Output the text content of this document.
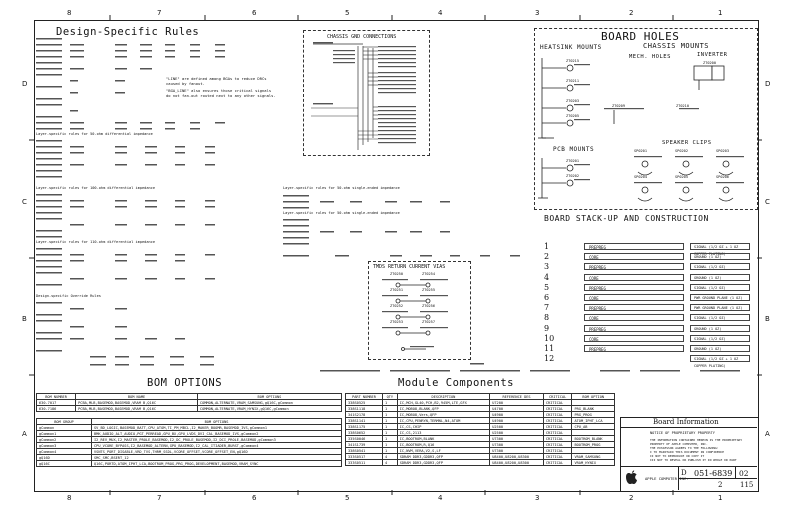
8	7	6	5	4	3	2	1
8	7	6	5	4	3	2	1
D
C
B
A
D
C
B
A
Design-Specific Rules
"LINE" are defined among BGAs to reduce DRCs caused by fanout.
"BGA_LINE" also ensures those critical signals do not fan-out routed next to any other signals.
Layer-specific rules for 50-ohm differential impedance
Layer-specific rules for 100-ohm differential impedance
Layer-specific rules for 110-ohm differential impedance
Layer-specific rules for 50-ohm single-ended impedance
Layer-specific rules for 50-ohm single-ended impedance
Design-specific Override Rules
CHASSIS GND CONNECTIONS
TMDS RETURN CURRENT VIAS
ZT0250	ZT0254
ZT0251	ZT0255
ZT0252	ZT0256
ZT0253	ZT0257
BOARD HOLES
HEATSINK MOUNTS	CHASSIS MOUNTS
INVERTER
MECH. HOLES
PCB MOUNTS
SPEAKER CLIPS
ZT0215
ZT0211
ZT0203
ZT0205
ZT0209	ZT0210
ZT0200
ZT0201
ZT0202
SP0201	SP0202	SP0203
SP0204	SP0205	SP0206
BOARD STACK-UP AND CONSTRUCTION
1	PREPREG	SIGNAL (1/2 OZ + 1 OZ COPPER PLATING)
2	CORE	GROUND (1 OZ)
3	PREPREG	SIGNAL (1/2 OZ)
4	CORE	GROUND (1 OZ)
5	PREPREG	SIGNAL (1/2 OZ)
6	CORE	PWR GROUND PLANE (1 OZ)
7	PREPREG	PWR GROUND PLANE (1 OZ)
8	CORE	SIGNAL (1/2 OZ)
9	PREPREG	GROUND (1 OZ)
10	CORE	SIGNAL (1/2 OZ)
11	PREPREG	GROUND (1 OZ)
12	SIGNAL (1/2 OZ + 1 OZ COPPER PLATING)
BOM OPTIONS
BOM NUMBER	BOM NAME	BOM OPTIONS
630-7017	PCBA,MLB,BASEMOD,BASEMOD,VRAM B,Q16C	COMMON,ALTERNATE,VRAM_SAMSUNG,gQ16C,gCommon
630-7186	PCBA,MLB,BASEMOD,BASEMOD,VRAM B,Q16C	COMMON,ALTERNATE,VRAM_HYNIX,gQ16C,gCommon
BOM GROUP	BOM OPTIONS
gCommon	SV_BD_LOGIC,BASEMOD_BATT,CPU_ATOM,TI_PM_MBCL,I2_MAKER_BOOMR,BASEMOD_IVS,gCommon1
gCommon1	BMK_AUDIO_ALT_AUDIO,PGT_PERREAD,GPU_BX,GPU_LVDS_DVI_CAL_BASEMOD_IVS,gCommon2
gCommon2	I2_REV_MUX,I2_MASTER_PROLE_BASEMOD,I2_DC_PROLE_BASEMOD,I2_DCI_PROLE,BASEMOD,gCommon3
gCommon3	CPU_VCORE_BYPASS,I2_BASEMOD_ALTERN,GPU_BASEMOD,I2_CAL_ITIADER,BURST,gCommon4
gCommon4	VSNTS_PORT_DISABLE,VRD_TVS,THRM_SSDL,VCORE_OFFSET,VCORE_OFFSET_EN,gQ16D
gQ16D	SMC_SMC,BSERT_12
gQ16C	Q16C,PORTD,ATOM_IPHT_LCA,BOOTROM_PROG,PRG_PROG,DEVELOPMENT,BASEMOD,VRAM_SYNC
Module Components
PART NUMBER	QTY	DESCRIPTION	REFERENCE DES	CRITICAL	BOM OPTION
338S0525	1	IC,MCH,GL40,PCH,B2,945M,LTE,GFX	U7200	CRITICAL	
338S1118	1	IC,MOBO8,BLANK,QFP	U4700	CRITICAL	PRG_BLANK
341S2178	1	IC,MOBO8,Vers,QFP	U4900	CRITICAL	PRG_PROG
338S1141	1	IC,CPU,PENRYN,TERMNL,N4,ATOM	U4900	CRITICAL	ATOM_IPHT_LCA
338S1175	1	IC,CS,CHIP	U2500	CRITICAL	CPU_AB
338S0652	1	IC,CS,2113	U2500	CRITICAL	
335S0046	1	IC,BOOTROM,BLANK	U7300	CRITICAL	BOOTROM_BLANK
341S1739	1	IC,BOOTROM,R,Q16	U7300	CRITICAL	BOOTROM_PROG
338S0541	1	IC,NVM,VERA,V2,S,LF	U7300	CRITICAL	
333S0517	4	SDRAM DDR3,GDDR3,QFP	U8400,U8200,U8300	CRITICAL	VRAM_SAMSUNG
333S0511	4	SDRAM DDR3,GDDR3,QFP	U8400,U8200,U8300	CRITICAL	VRAM_HYNIX
Board Information
NOTICE OF PROPRIETARY PROPERTY
THE INFORMATION CONTAINED HEREIN IS THE PROPRIETARY PROPERTY OF APPLE COMPUTER, INC.
THE POSSESSOR AGREES TO THE FOLLOWING:
I TO MAINTAIN THIS DOCUMENT IN CONFIDENCE
II NOT TO REPRODUCE OR COPY IT
III NOT TO REVEAL OR PUBLISH IT IN WHOLE OR PART
APPLE COMPUTER INC.
D 051-6839 02
2	115
